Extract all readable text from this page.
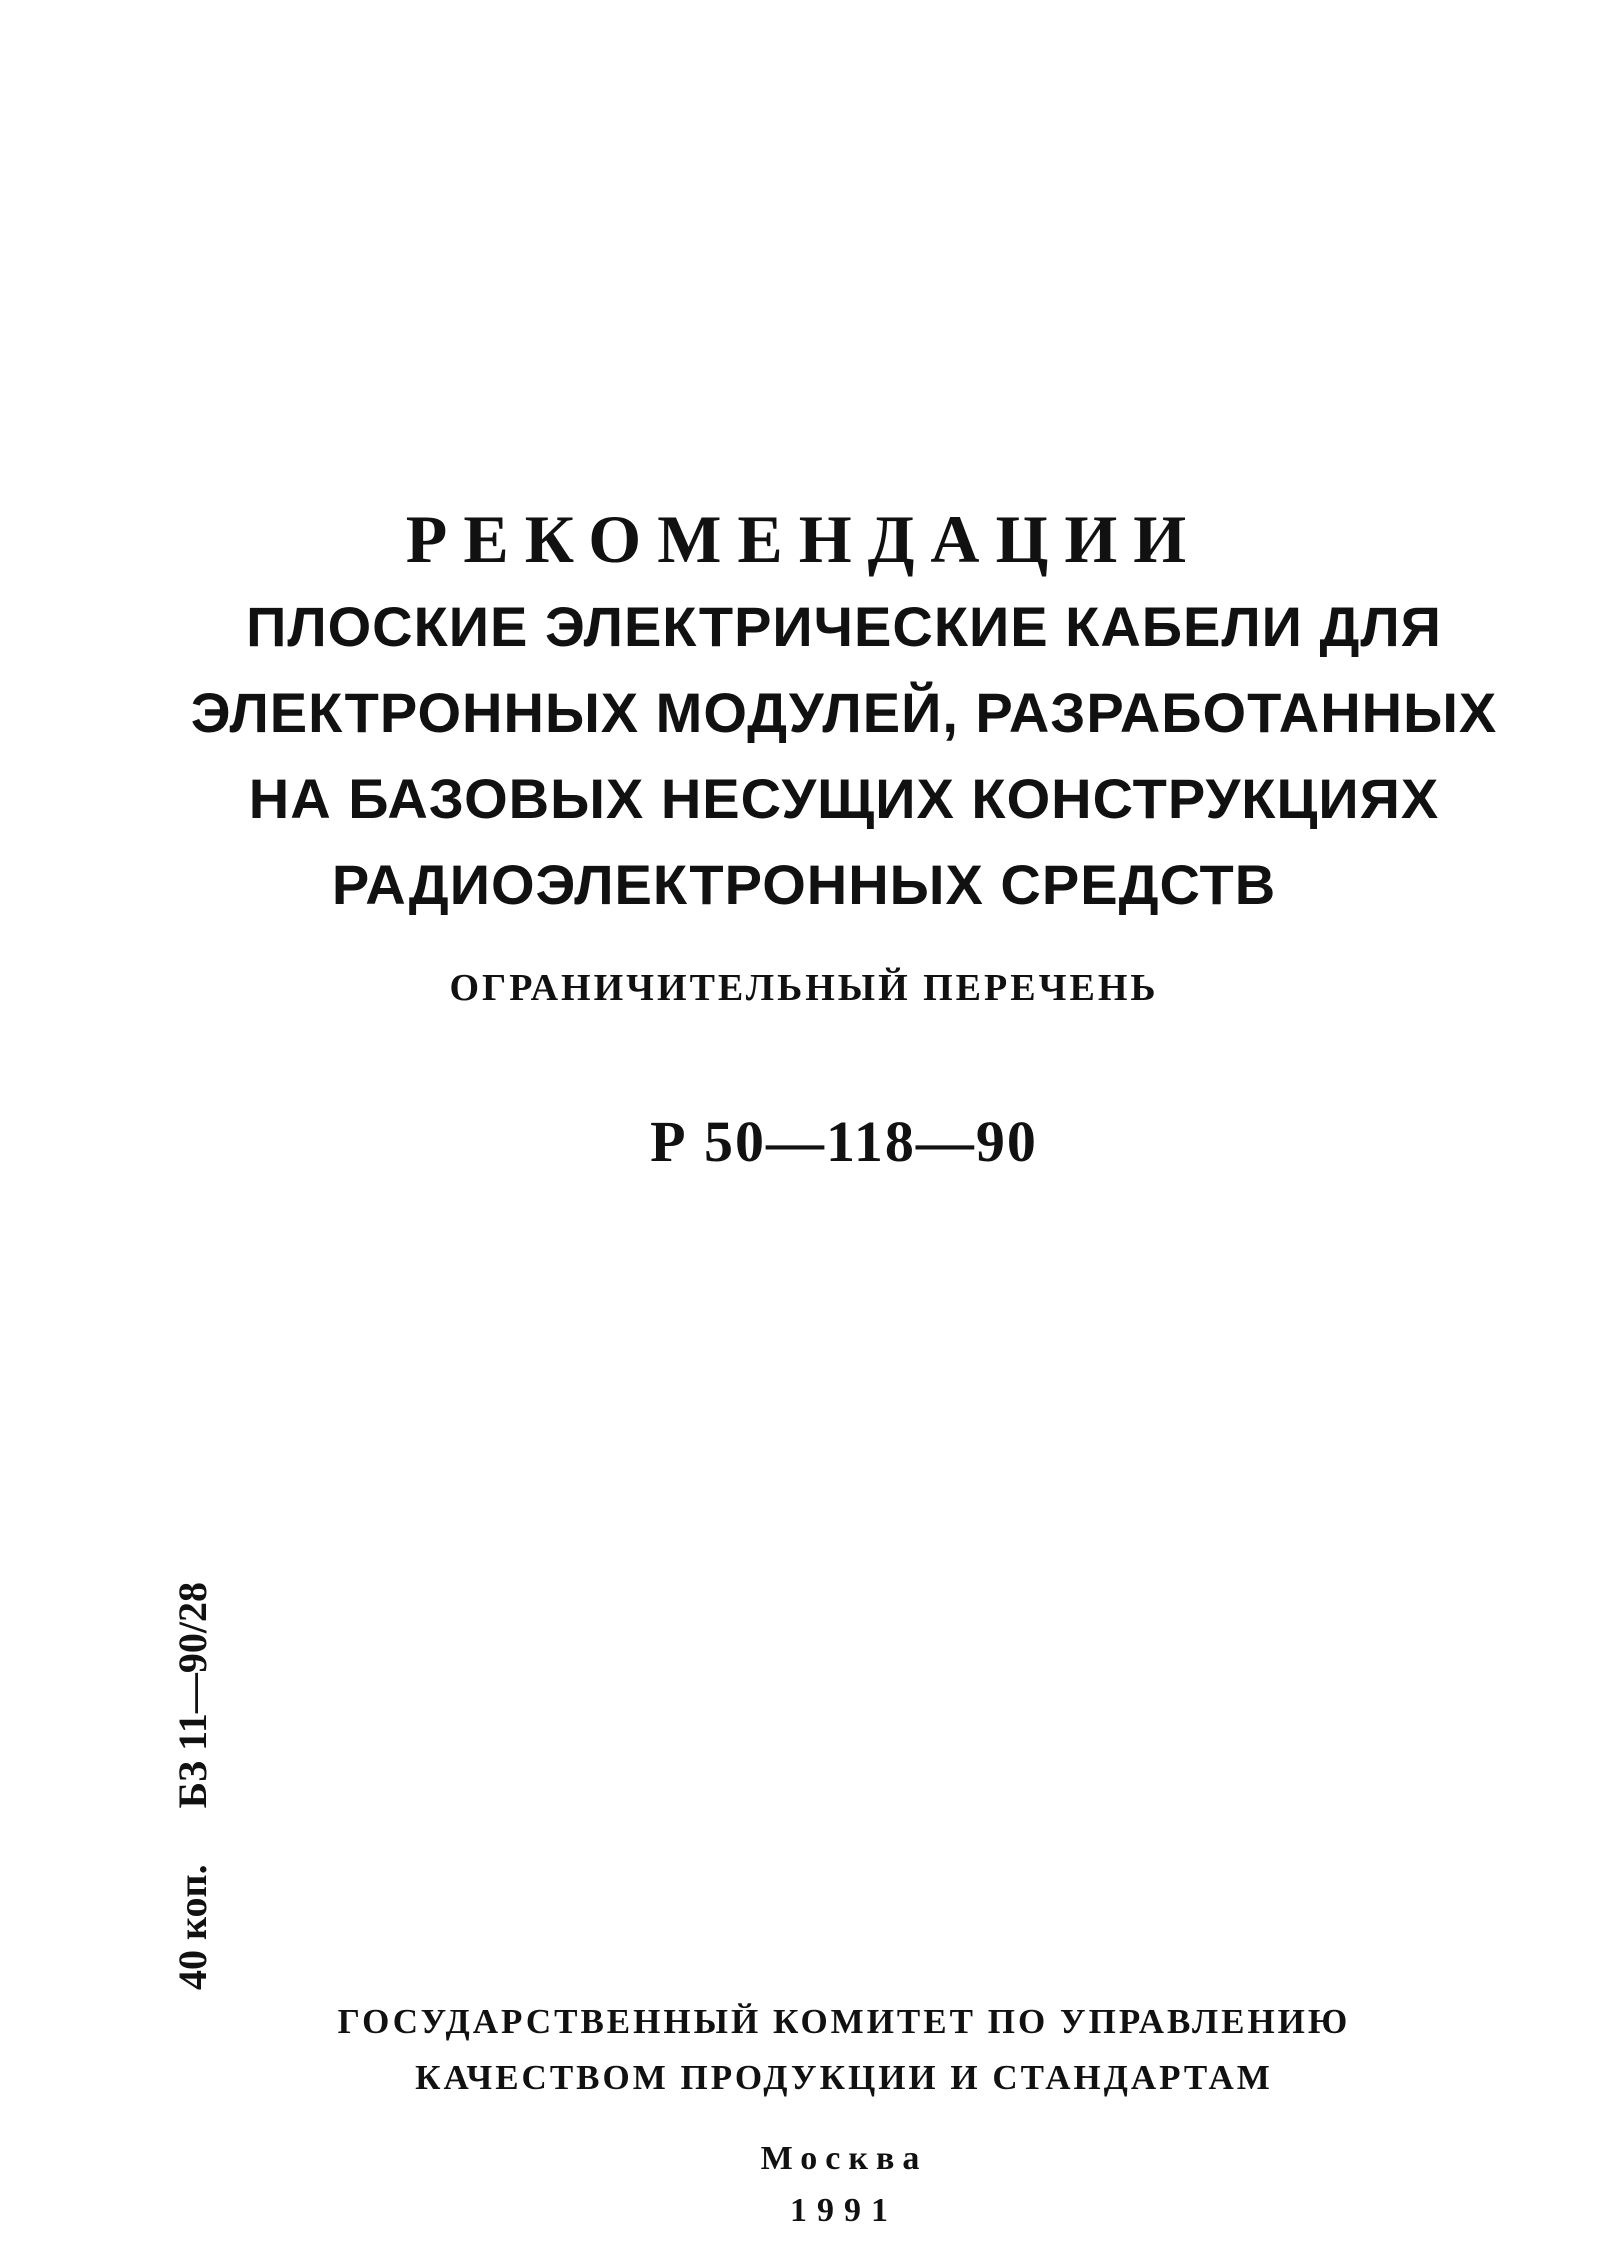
РЕКОМЕНДАЦИИ
ПЛОСКИЕ ЭЛЕКТРИЧЕСКИЕ КАБЕЛИ ДЛЯ
ЭЛЕКТРОННЫХ МОДУЛЕЙ, РАЗРАБОТАННЫХ
НА БАЗОВЫХ НЕСУЩИХ КОНСТРУКЦИЯХ
РАДИОЭЛЕКТРОННЫХ СРЕДСТВ
ОГРАНИЧИТЕЛЬНЫЙ ПЕРЕЧЕНЬ
Р 50—118—90
40 коп.БЗ 11—90/28
ГОСУДАРСТВЕННЫЙ КОМИТЕТ ПО УПРАВЛЕНИЮ
КАЧЕСТВОМ ПРОДУКЦИИ И СТАНДАРТАМ
Москва
1991
